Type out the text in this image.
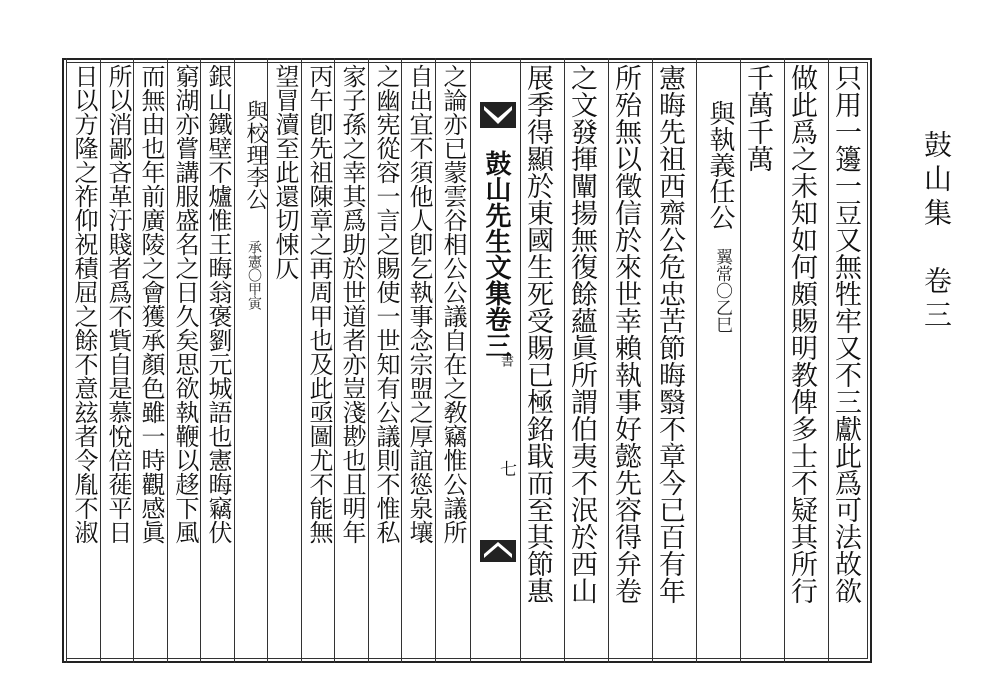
鼓山集　卷三
鼓山先生文集卷三
書
七
之論亦已蒙雲谷相公公議自在之敎竊惟公議所
自出宜不須他人卽乞執事念宗盟之厚誼慫泉壤
之幽宪從容一言之賜使一世知有公議則不惟私
家子孫之幸其爲助於世道者亦豈淺尠也且明年
丙午卽先祖陳章之再周甲也及此亟圖尤不能無
望冒瀆至此還切悚仄
與校理李公
承憲〇甲寅
銀山鐵壁不爐惟王晦翁褒劉元城語也憲晦竊伏
窮湖亦嘗講服盛名之日久矣思欲執鞭以趍下風
而無由也年前廣陵之會獲承顏色雖一時觀感眞
所以消鄙吝革汙賤者爲不貲自是慕悅倍蓰平日
日以方隆之祚仰祝積屈之餘不意玆者令胤不淑	只用一籩一豆又無牲牢又不三獻此爲可法故欲
做此爲之未知如何頗賜明教俾多士不疑其所行
千萬千萬
與執義任公
翼常〇乙巳
憲晦先祖西齋公危忠苦節晦翳不章今已百有年
所殆無以徵信於來世幸賴執事好懿先容得弁卷
之文發揮闡揚無復餘蘊眞所謂伯夷不泯於西山
展季得顯於東國生死受賜已極銘戢而至其節惠
